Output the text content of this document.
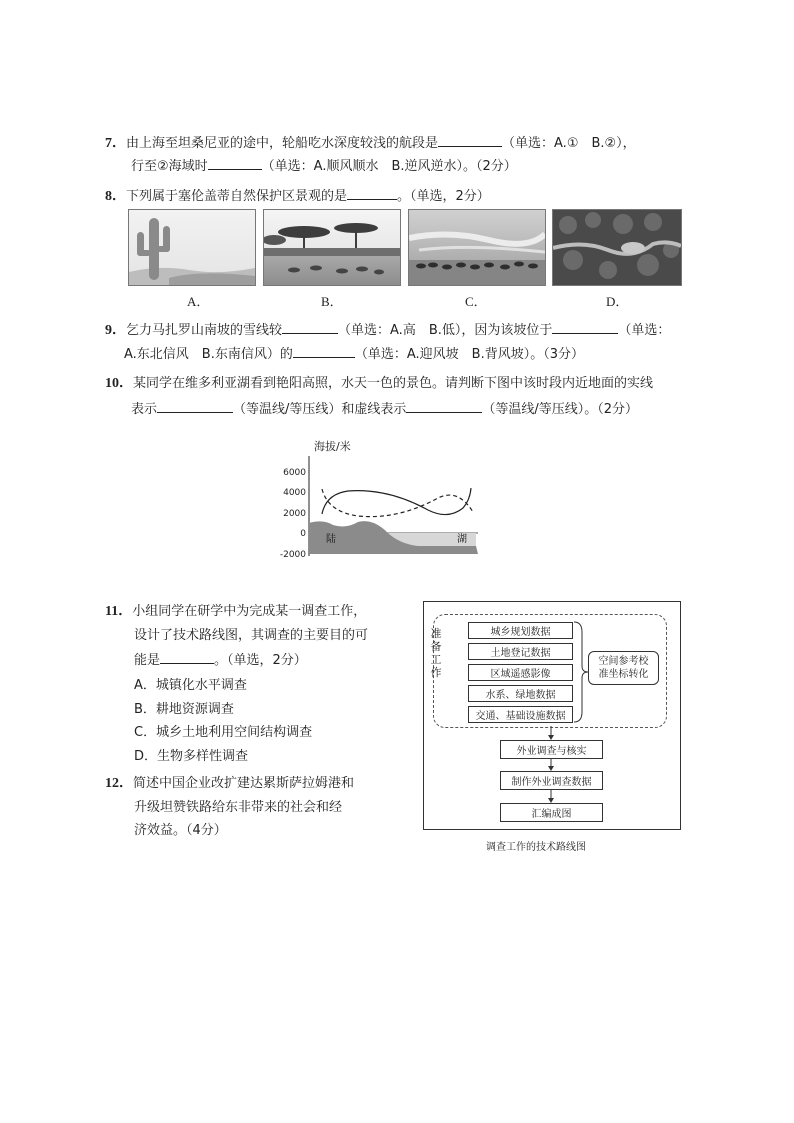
7．由上海至坦桑尼亚的途中，轮船吃水深度较浅的航段是	（单选：A.①　B.②），
行至②海域时	（单选：A.顺风顺水　B.逆风逆水）。（2分）
8．下列属于塞伦盖蒂自然保护区景观的是	。（单选，2分）
A．	B．	C．	D．
9．乞力马扎罗山南坡的雪线较	（单选：A.高　B.低），因为该坡位于	（单选：
A.东北信风　B.东南信风）的	（单选：A.迎风坡　B.背风坡）。（3分）
10．某同学在维多利亚湖看到艳阳高照，水天一色的景色。请判断下图中该时段内近地面的实线
表示	（等温线/等压线）和虚线表示	（等温线/等压线）。（2分）
海拔/米
6000
4000
2000
0
-2000
陆	湖
11．小组同学在研学中为完成某一调查工作，
设计了技术路线图，其调查的主要目的可
能是	。（单选，2分）
A．城镇化水平调查
B．耕地资源调查
C．城乡土地利用空间结构调查
D．生物多样性调查
12．简述中国企业改扩建达累斯萨拉姆港和
升级坦赞铁路给东非带来的社会和经
济效益。（4分）
准
备
工
作
城乡规划数据
土地登记数据
区域遥感影像
水系、绿地数据
交通、基础设施数据
空间参考校
准坐标转化
外业调查与核实
制作外业调查数据
汇编成图
调查工作的技术路线图
